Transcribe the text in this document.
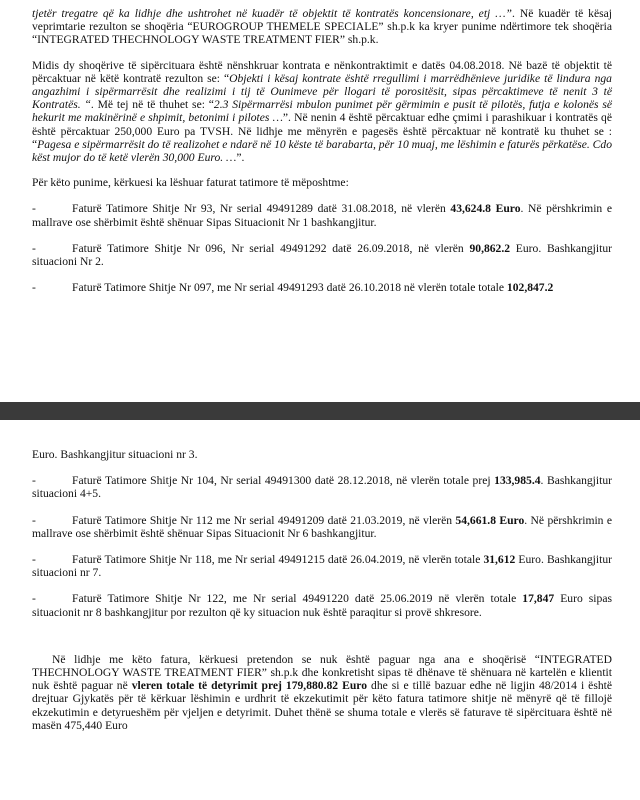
tjetër tregatre që ka lidhje dhe ushtrohet në kuadër të objektit të kontratës koncensionare, etj …”. Në kuadër të kësaj veprimtarie rezulton se shoqëria “EUROGROUP THEMELE SPECIALE” sh.p.k ka kryer punime ndërtimore tek shoqëria “INTEGRATED THECHNOLOGY WASTE TREATMENT FIER” sh.p.k.

Midis dy shoqërive të sipërcituara është nënshkruar kontrata e nënkontraktimit e datës 04.08.2018. Në bazë të objektit të përcaktuar në këtë kontratë rezulton se: “Objekti i kësaj kontrate është rregullimi i marrëdhënieve juridike të lindura nga angazhimi i sipërmarrësit dhe realizimi i tij të Ounimeve për llogari të porositësit, sipas përcaktimeve të nenit 3 të Kontratës. “. Më tej në të thuhet se: “2.3 Sipërmarrësi mbulon punimet për gërmimin e pusit të pilotës, futja e kolonës së hekurit me makinërinë e shpimit, betonimi i pilotes …”. Në nenin 4 është përcaktuar edhe çmimi i parashikuar i kontratës që është përcaktuar 250,000 Euro pa TVSH. Në lidhje me mënyrën e pagesës është përcaktuar në kontratë ku thuhet se : “Pagesa e sipërmarrësit do të realizohet e ndarë në 10 këste të barabarta, për 10 muaj, me lëshimin e faturës përkatëse. Cdo këst mujor do të ketë vlerën 30,000 Euro. …”.

Për këto punime, kërkuesi ka lëshuar faturat tatimore të mëposhtme:

-	Faturë Tatimore Shitje Nr 93, Nr serial 49491289 datë 31.08.2018, në vlerën 43,624.8 Euro. Në përshkrimin e mallrave ose shërbimit është shënuar Sipas Situacionit Nr 1 bashkangjitur.

-	Faturë Tatimore Shitje Nr 096, Nr serial 49491292 datë 26.09.2018, në vlerën 90,862.2 Euro. Bashkangjitur situacioni Nr 2.

-	Faturë Tatimore Shitje Nr 097, me Nr serial 49491293 datë 26.10.2018 në vlerën totale totale 102,847.2

Euro. Bashkangjitur situacioni nr 3.

-	Faturë Tatimore Shitje Nr 104, Nr serial 49491300 datë 28.12.2018, në vlerën totale prej 133,985.4. Bashkangjitur situacioni 4+5.

-	Faturë Tatimore Shitje Nr 112 me Nr serial 49491209 datë 21.03.2019, në vlerën 54,661.8 Euro. Në përshkrimin e mallrave ose shërbimit është shënuar Sipas Situacionit Nr 6 bashkangjitur.

-	Faturë Tatimore Shitje Nr 118, me Nr serial 49491215 datë 26.04.2019, në vlerën totale 31,612 Euro. Bashkangjitur situacioni nr 7.

-	Faturë Tatimore Shitje Nr 122, me Nr serial 49491220 datë 25.06.2019 në vlerën totale 17,847 Euro sipas situacionit nr 8 bashkangjitur por rezulton që ky situacion nuk është paraqitur si provë shkresore.

Në lidhje me këto fatura, kërkuesi pretendon se nuk është paguar nga ana e shoqërisë “INTEGRATED THECHNOLOGY WASTE TREATMENT FIER” sh.p.k dhe konkretisht sipas të dhënave të shënuara në kartelën e klientit nuk është paguar në vleren totale të detyrimit prej 179,880.82 Euro dhe si e tillë bazuar edhe në ligjin 48/2014 i është drejtuar Gjykatës për të kërkuar lëshimin e urdhrit të ekzekutimit për këto fatura tatimore shitje në mënyrë që të fillojë ekzekutimin e detyrueshëm për vjeljen e detyrimit. Duhet thënë se shuma totale e vlerës së faturave të sipërcituara është në masën 475,440 Euro
